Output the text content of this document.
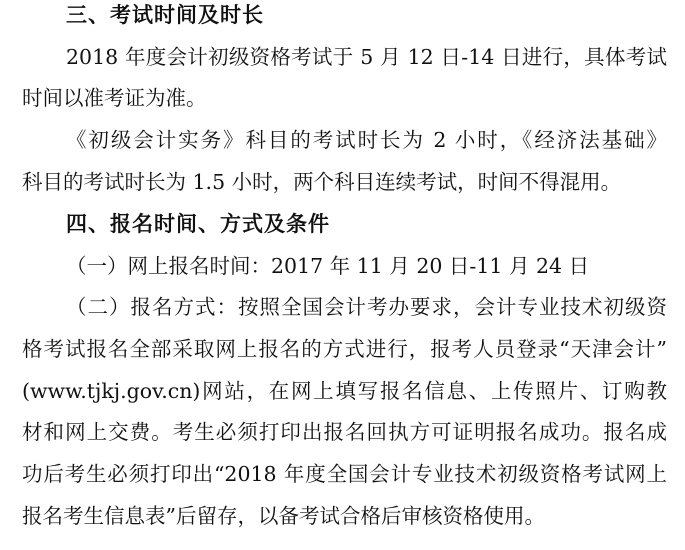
三、考试时间及时长
2018 年度会计初级资格考试于 5 月 12 日-14 日进行，具体考试
时间以准考证为准。
《初级会计实务》科目的考试时长为 2 小时，《经济法基础》
科目的考试时长为 1.5 小时，两个科目连续考试，时间不得混用。
四、报名时间、方式及条件
（一）网上报名时间：2017 年 11 月 20 日-11 月 24 日
（二）报名方式：按照全国会计考办要求，会计专业技术初级资
格考试报名全部采取网上报名的方式进行，报考人员登录“天津会计”
(www.tjkj.gov.cn)网站，在网上填写报名信息、上传照片、订购教
材和网上交费。考生必须打印出报名回执方可证明报名成功。报名成
功后考生必须打印出“2018 年度全国会计专业技术初级资格考试网上
报名考生信息表”后留存，以备考试合格后审核资格使用。
